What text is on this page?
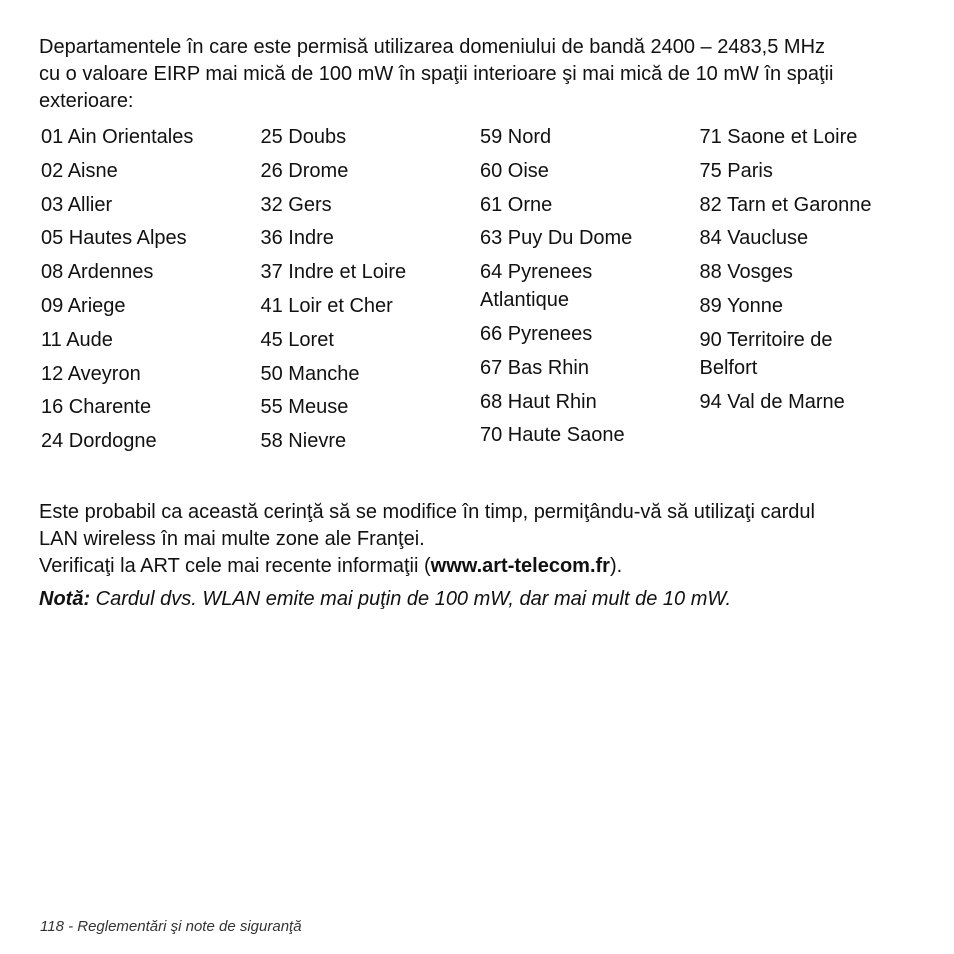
Departamentele în care este permisă utilizarea domeniului de bandă 2400 – 2483,5 MHz
cu o valoare EIRP mai mică de 100 mW în spaţii interioare şi mai mică de 10 mW în spaţii
exterioare:

01 Ain Orientales
02 Aisne
03 Allier
05 Hautes Alpes
08 Ardennes
09 Ariege
11 Aude
12 Aveyron
16 Charente
24 Dordogne
25 Doubs
26 Drome
32 Gers
36 Indre
37 Indre et Loire
41 Loir et Cher
45 Loret
50 Manche
55 Meuse
58 Nievre
59 Nord
60 Oise
61 Orne
63 Puy Du Dome
64 Pyrenees
Atlantique
66 Pyrenees
67 Bas Rhin
68 Haut Rhin
70 Haute Saone
71 Saone et Loire
75 Paris
82 Tarn et Garonne
84 Vaucluse
88 Vosges
89 Yonne
90 Territoire de
Belfort
94 Val de Marne

Este probabil ca această cerinţă să se modifice în timp, permiţându-vă să utilizaţi cardul
LAN wireless în mai multe zone ale Franţei.
Verificaţi la ART cele mai recente informaţii (www.art-telecom.fr).

Notă: Cardul dvs. WLAN emite mai puţin de 100 mW, dar mai mult de 10 mW.
118 - Reglementări şi note de siguranţă
